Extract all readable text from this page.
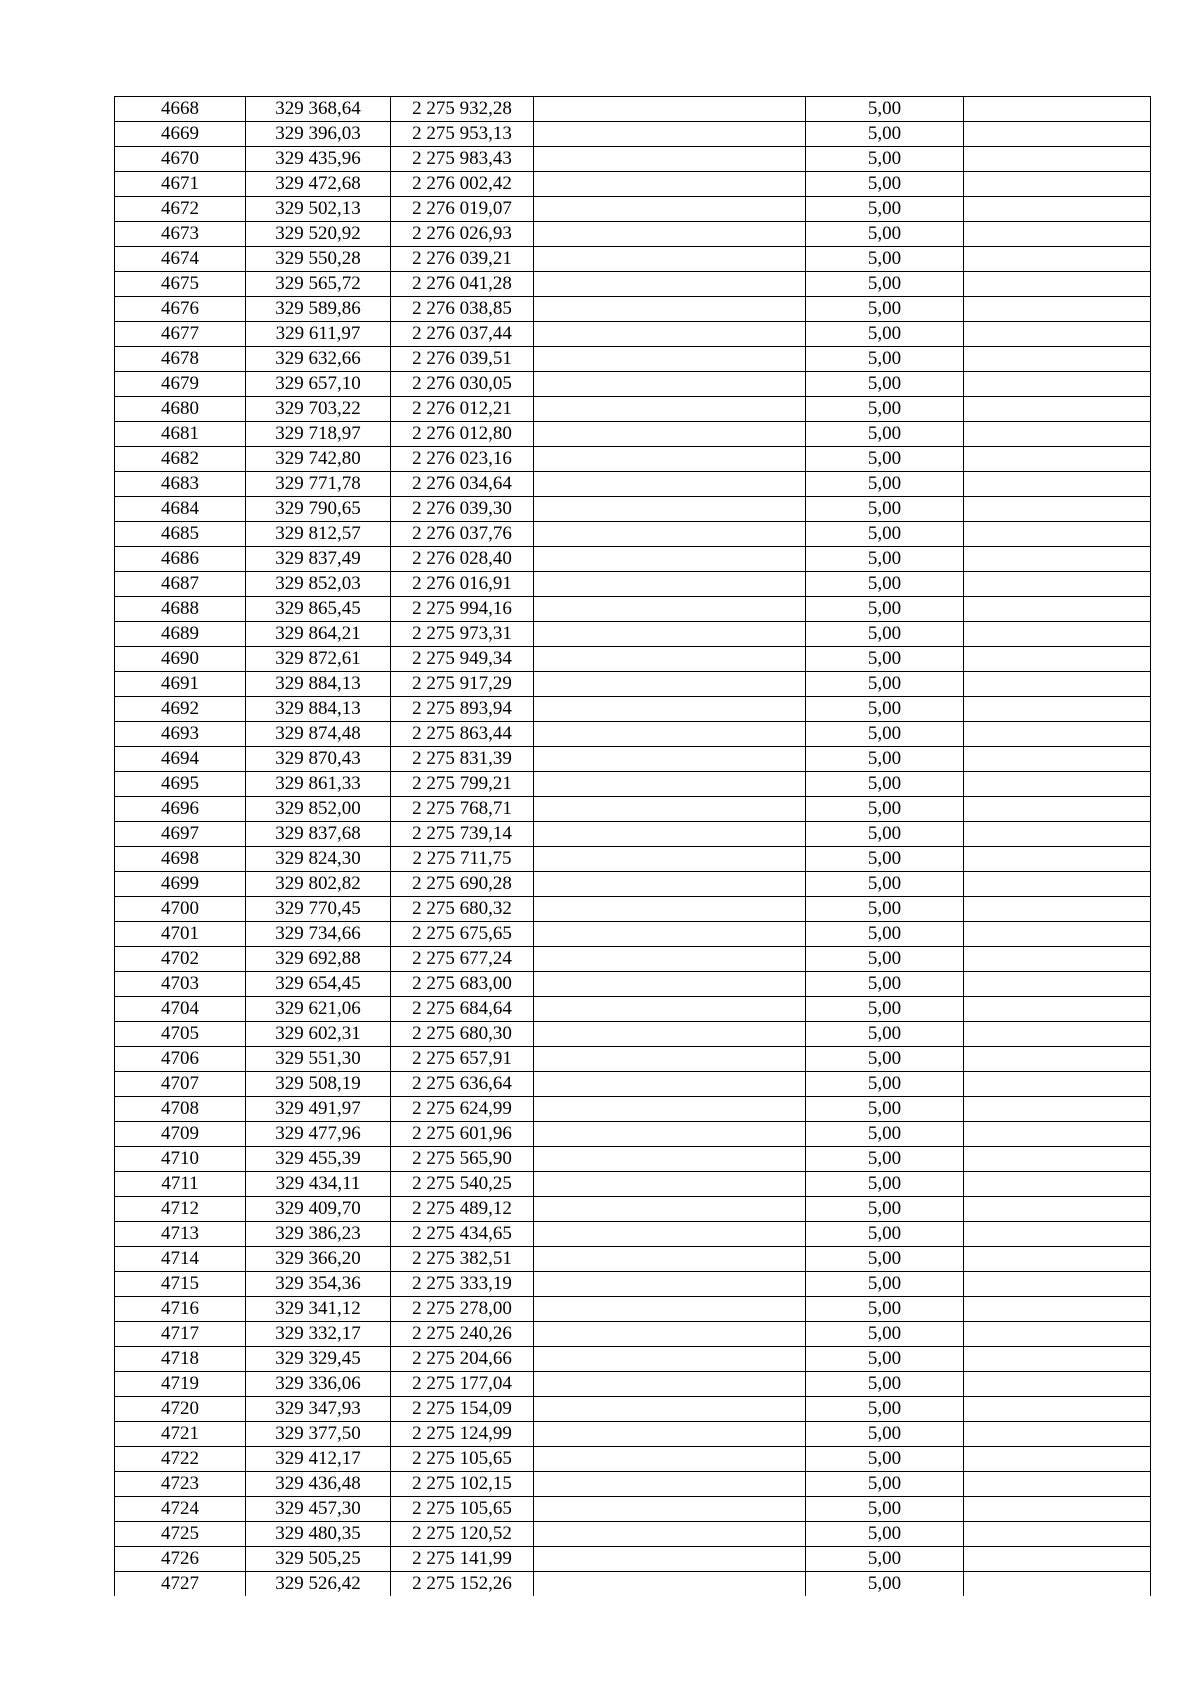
4668	329 368,64	2 275 932,28		5,00	
4669	329 396,03	2 275 953,13		5,00	
4670	329 435,96	2 275 983,43		5,00	
4671	329 472,68	2 276 002,42		5,00	
4672	329 502,13	2 276 019,07		5,00	
4673	329 520,92	2 276 026,93		5,00	
4674	329 550,28	2 276 039,21		5,00	
4675	329 565,72	2 276 041,28		5,00	
4676	329 589,86	2 276 038,85		5,00	
4677	329 611,97	2 276 037,44		5,00	
4678	329 632,66	2 276 039,51		5,00	
4679	329 657,10	2 276 030,05		5,00	
4680	329 703,22	2 276 012,21		5,00	
4681	329 718,97	2 276 012,80		5,00	
4682	329 742,80	2 276 023,16		5,00	
4683	329 771,78	2 276 034,64		5,00	
4684	329 790,65	2 276 039,30		5,00	
4685	329 812,57	2 276 037,76		5,00	
4686	329 837,49	2 276 028,40		5,00	
4687	329 852,03	2 276 016,91		5,00	
4688	329 865,45	2 275 994,16		5,00	
4689	329 864,21	2 275 973,31		5,00	
4690	329 872,61	2 275 949,34		5,00	
4691	329 884,13	2 275 917,29		5,00	
4692	329 884,13	2 275 893,94		5,00	
4693	329 874,48	2 275 863,44		5,00	
4694	329 870,43	2 275 831,39		5,00	
4695	329 861,33	2 275 799,21		5,00	
4696	329 852,00	2 275 768,71		5,00	
4697	329 837,68	2 275 739,14		5,00	
4698	329 824,30	2 275 711,75		5,00	
4699	329 802,82	2 275 690,28		5,00	
4700	329 770,45	2 275 680,32		5,00	
4701	329 734,66	2 275 675,65		5,00	
4702	329 692,88	2 275 677,24		5,00	
4703	329 654,45	2 275 683,00		5,00	
4704	329 621,06	2 275 684,64		5,00	
4705	329 602,31	2 275 680,30		5,00	
4706	329 551,30	2 275 657,91		5,00	
4707	329 508,19	2 275 636,64		5,00	
4708	329 491,97	2 275 624,99		5,00	
4709	329 477,96	2 275 601,96		5,00	
4710	329 455,39	2 275 565,90		5,00	
4711	329 434,11	2 275 540,25		5,00	
4712	329 409,70	2 275 489,12		5,00	
4713	329 386,23	2 275 434,65		5,00	
4714	329 366,20	2 275 382,51		5,00	
4715	329 354,36	2 275 333,19		5,00	
4716	329 341,12	2 275 278,00		5,00	
4717	329 332,17	2 275 240,26		5,00	
4718	329 329,45	2 275 204,66		5,00	
4719	329 336,06	2 275 177,04		5,00	
4720	329 347,93	2 275 154,09		5,00	
4721	329 377,50	2 275 124,99		5,00	
4722	329 412,17	2 275 105,65		5,00	
4723	329 436,48	2 275 102,15		5,00	
4724	329 457,30	2 275 105,65		5,00	
4725	329 480,35	2 275 120,52		5,00	
4726	329 505,25	2 275 141,99		5,00	
4727	329 526,42	2 275 152,26		5,00	
